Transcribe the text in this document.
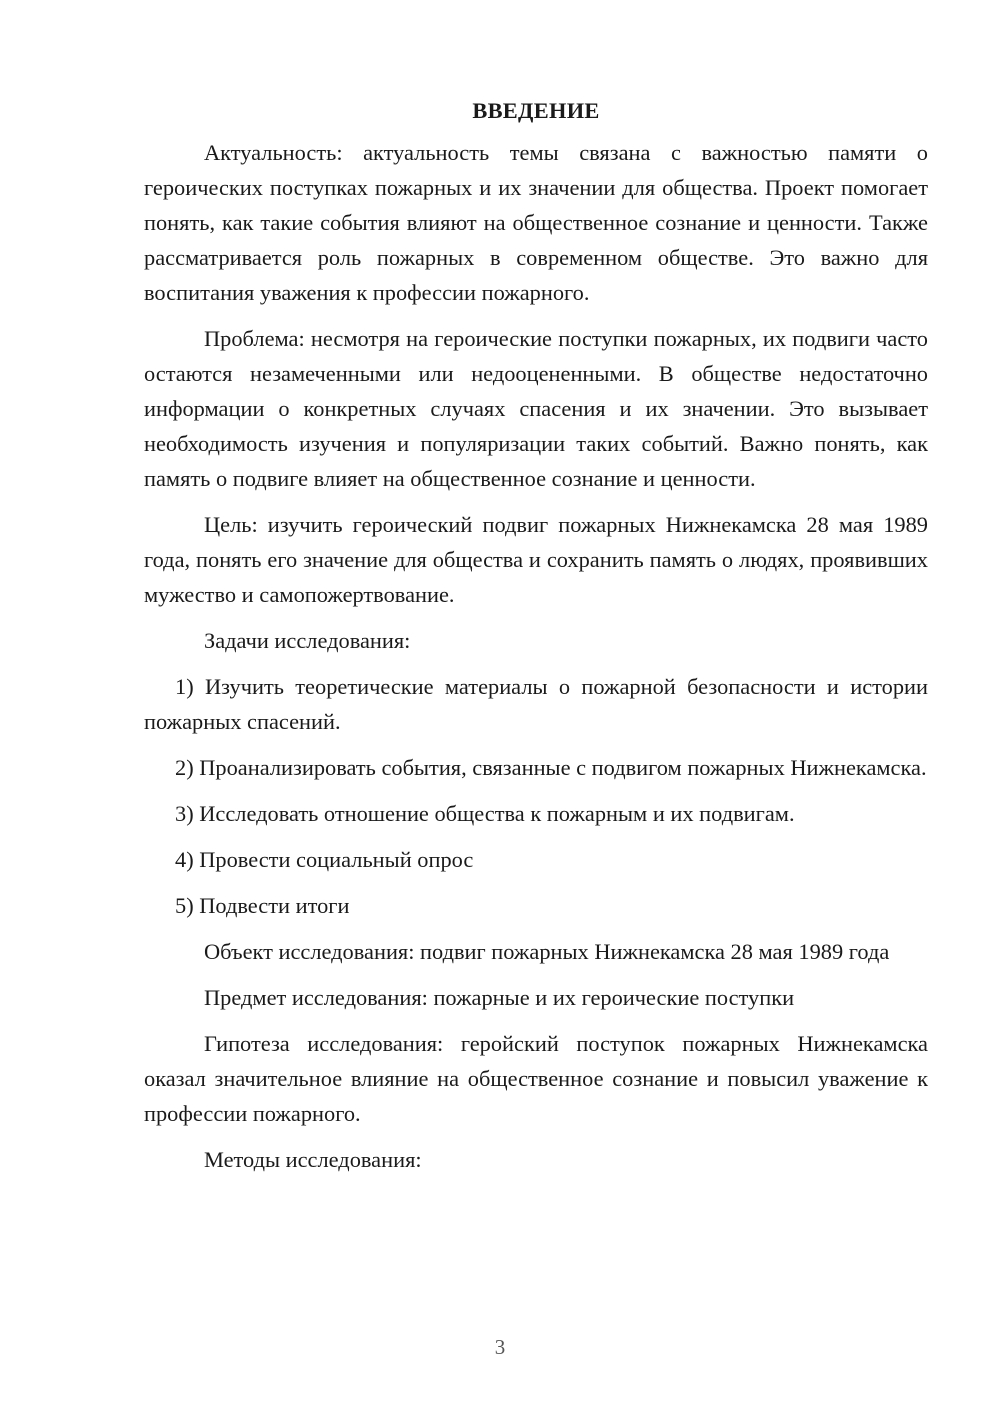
ВВЕДЕНИЕ

Актуальность: актуальность темы связана с важностью памяти о героических поступках пожарных и их значении для общества. Проект помогает понять, как такие события влияют на общественное сознание и ценности. Также рассматривается роль пожарных в современном обществе. Это важно для воспитания уважения к профессии пожарного.

Проблема: несмотря на героические поступки пожарных, их подвиги часто остаются незамеченными или недооцененными. В обществе недостаточно информации о конкретных случаях спасения и их значении. Это вызывает необходимость изучения и популяризации таких событий. Важно понять, как память о подвиге влияет на общественное сознание и ценности.

Цель: изучить героический подвиг пожарных Нижнекамска 28 мая 1989 года, понять его значение для общества и сохранить память о людях, проявивших мужество и самопожертвование.

Задачи исследования:

1) Изучить теоретические материалы о пожарной безопасности и истории пожарных спасений.

2) Проанализировать события, связанные с подвигом пожарных Нижнекамска.

3) Исследовать отношение общества к пожарным и их подвигам.

4) Провести социальный опрос

5) Подвести итоги

Объект исследования: подвиг пожарных Нижнекамска 28 мая 1989 года

Предмет исследования: пожарные и их героические поступки

Гипотеза исследования: геройский поступок пожарных Нижнекамска оказал значительное влияние на общественное сознание и повысил уважение к профессии пожарного.

Методы исследования:

3
